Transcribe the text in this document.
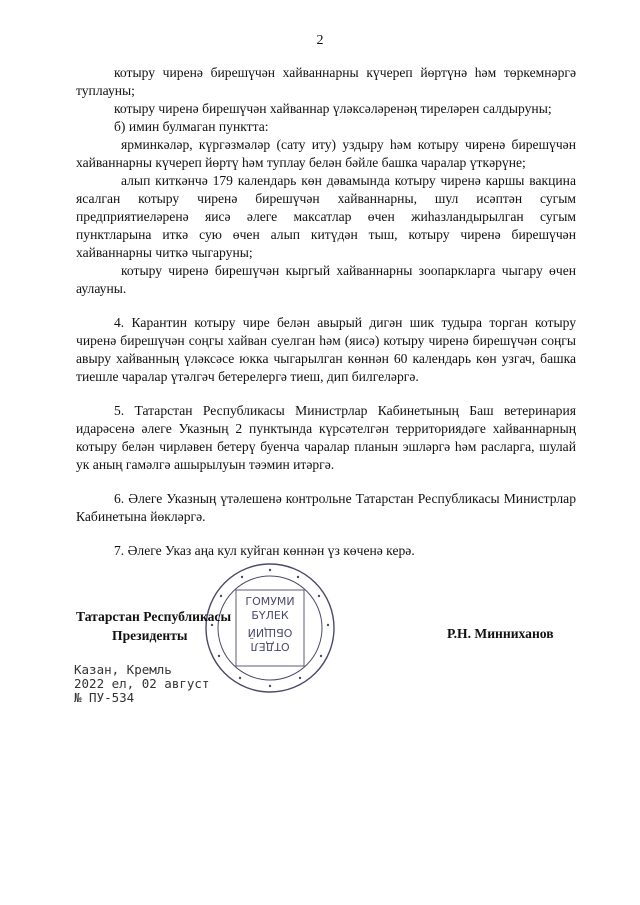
2

котыру чиренә бирешүчән хайваннарны күчереп йөртүнә һәм төркемнәргә туплауны;

котыру чиренә бирешүчән хайваннар үләксәләренәң тиреләрен салдыруны;

б) имин булмаган пунктта:

ярминкәләр, күргәзмәләр (сату иту) уздыру һәм котыру чиренә бирешүчән хайваннарны күчереп йөртү һәм туплау белән бәйле башка чаралар үткәрүне;

алып киткәнчә 179 календарь көн дәвамында котыру чиренә каршы вакцина ясалган котыру чиренә бирешүчән хайваннарны, шул исәптән сугым предприятиеләренә яисә әлеге максатлар өчен жиһазландырылган сугым пунктларына иткә сую өчен алып китүдән тыш, котыру чиренә бирешүчән хайваннарны читкә чыгаруны;

котыру чиренә бирешүчән кыргый хайваннарны зоопаркларга чыгару өчен аулауны.

4. Карантин котыру чире белән авырый дигән шик тудыра торган котыру чиренә бирешүчән соңгы хайван суелган һәм (яисә) котыру чиренә бирешүчән соңгы авыру хайванның үләксәсе юкка чыгарылган көннән 60 календарь көн узгач, башка тиешле чаралар үтәлгәч бетерелергә тиеш, дип билгеләргә.

5. Татарстан Республикасы Министрлар Кабинетының Баш ветеринария идарәсенә әлеге Указның 2 пунктында күрсәтелгән территориядәге хайваннарның котыру белән чирләвен бетерү буенча чаралар планын эшләргә һәм расларга, шулай ук аның гамәлгә ашырылуын тәэмин итәргә.

6. Әлеге Указның үтәлешенә контрольне Татарстан Республикасы Министрлар Кабинетына йөкләргә.

7. Әлеге Указ аңа кул куйган көннән үз көченә керә.

ГОМУМИ
БҮЛЕК
ОТДЕЛ
ОБЩИЙ
Татарстан Республикасы
Президенты	Р.Н. Минниханов
Казан, Кремль
2022 ел, 02 август
№ ПУ-534
